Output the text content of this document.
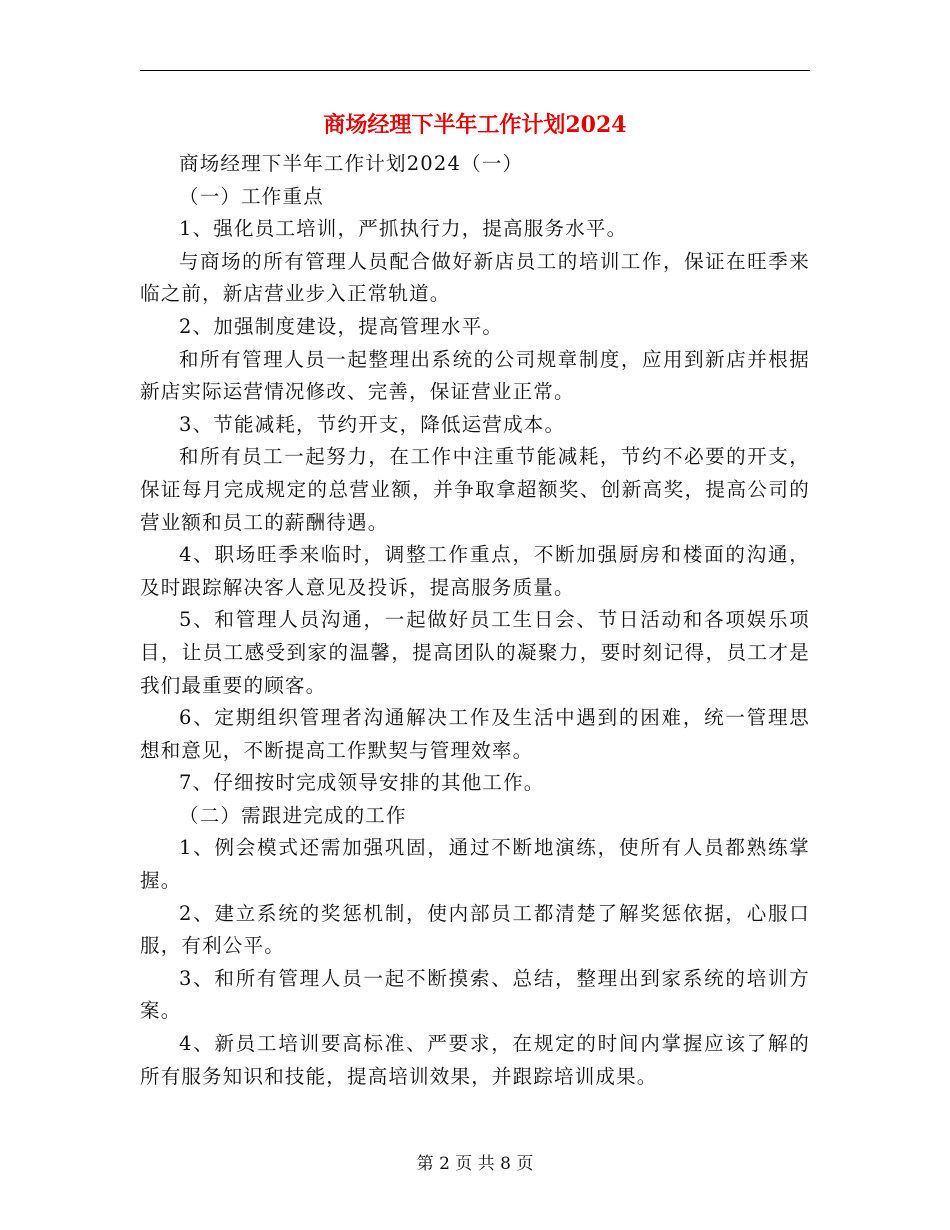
商场经理下半年工作计划2024

商场经理下半年工作计划2024（一）

（一）工作重点

1、强化员工培训，严抓执行力，提高服务水平。

与商场的所有管理人员配合做好新店员工的培训工作，保证在旺季来临之前，新店营业步入正常轨道。

2、加强制度建设，提高管理水平。

和所有管理人员一起整理出系统的公司规章制度，应用到新店并根据新店实际运营情况修改、完善，保证营业正常。

3、节能减耗，节约开支，降低运营成本。

和所有员工一起努力，在工作中注重节能减耗，节约不必要的开支，保证每月完成规定的总营业额，并争取拿超额奖、创新高奖，提高公司的营业额和员工的薪酬待遇。

4、职场旺季来临时，调整工作重点，不断加强厨房和楼面的沟通，及时跟踪解决客人意见及投诉，提高服务质量。

5、和管理人员沟通，一起做好员工生日会、节日活动和各项娱乐项目，让员工感受到家的温馨，提高团队的凝聚力，要时刻记得，员工才是我们最重要的顾客。

6、定期组织管理者沟通解决工作及生活中遇到的困难，统一管理思想和意见，不断提高工作默契与管理效率。

7、仔细按时完成领导安排的其他工作。

（二）需跟进完成的工作

1、例会模式还需加强巩固，通过不断地演练，使所有人员都熟练掌握。

2、建立系统的奖惩机制，使内部员工都清楚了解奖惩依据，心服口服，有利公平。

3、和所有管理人员一起不断摸索、总结，整理出到家系统的培训方案。

4、新员工培训要高标准、严要求，在规定的时间内掌握应该了解的所有服务知识和技能，提高培训效果，并跟踪培训成果。

第 2 页 共 8 页
